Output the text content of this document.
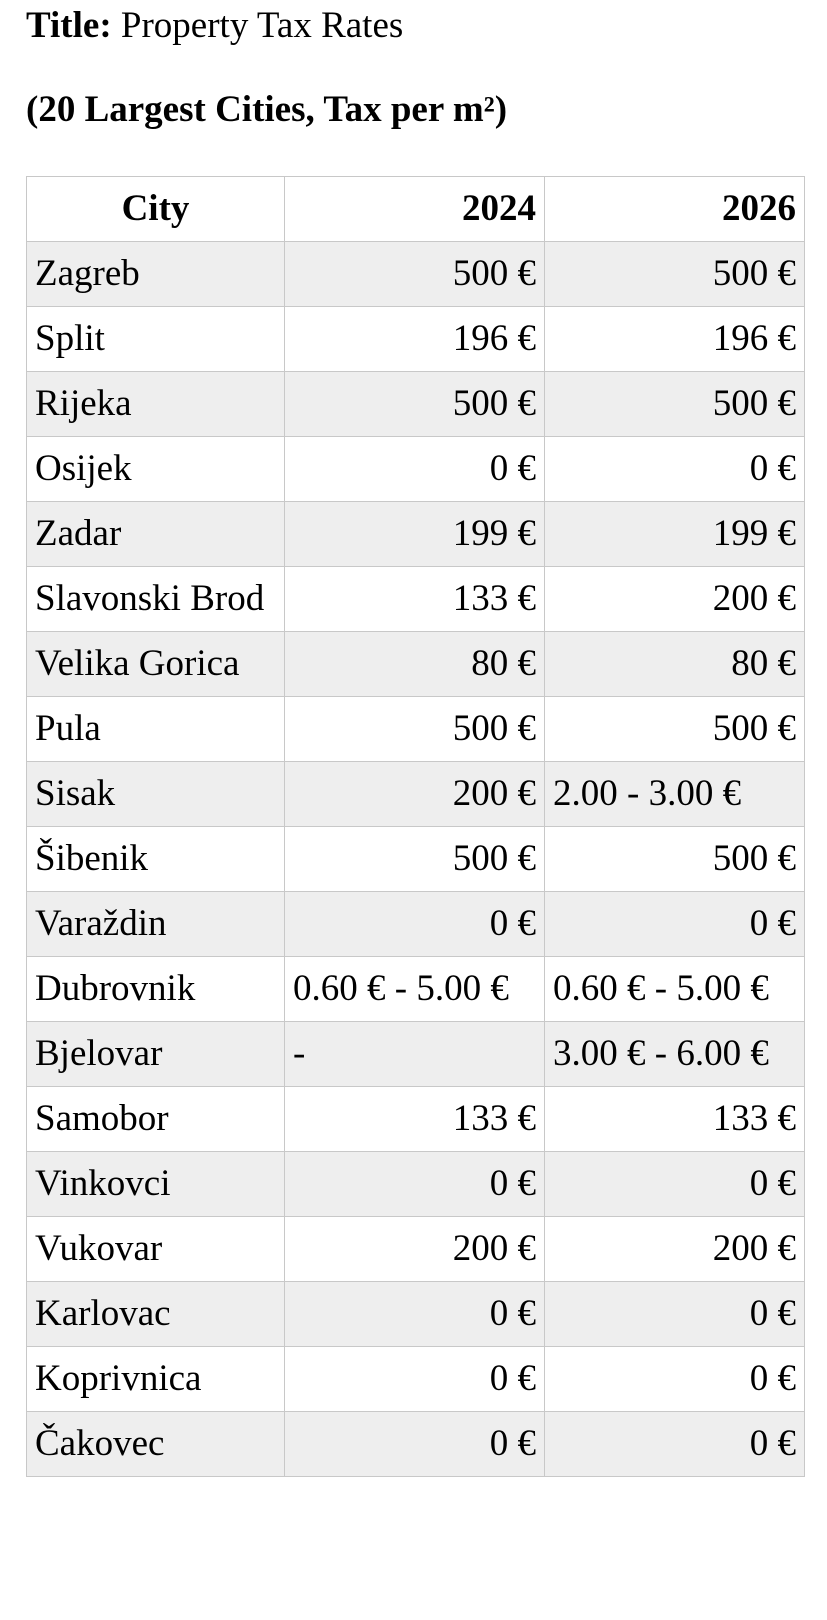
Title: Property Tax Rates

(20 Largest Cities, Tax per m²)

City	2024	2026
Zagreb	500 €	500 €
Split	196 €	196 €
Rijeka	500 €	500 €
Osijek	0 €	0 €
Zadar	199 €	199 €
Slavonski Brod	133 €	200 €
Velika Gorica	80 €	80 €
Pula	500 €	500 €
Sisak	200 €	2.00 - 3.00 €
Šibenik	500 €	500 €
Varaždin	0 €	0 €
Dubrovnik	0.60 € - 5.00 €	0.60 € - 5.00 €
Bjelovar	-	3.00 € - 6.00 €
Samobor	133 €	133 €
Vinkovci	0 €	0 €
Vukovar	200 €	200 €
Karlovac	0 €	0 €
Koprivnica	0 €	0 €
Čakovec	0 €	0 €
